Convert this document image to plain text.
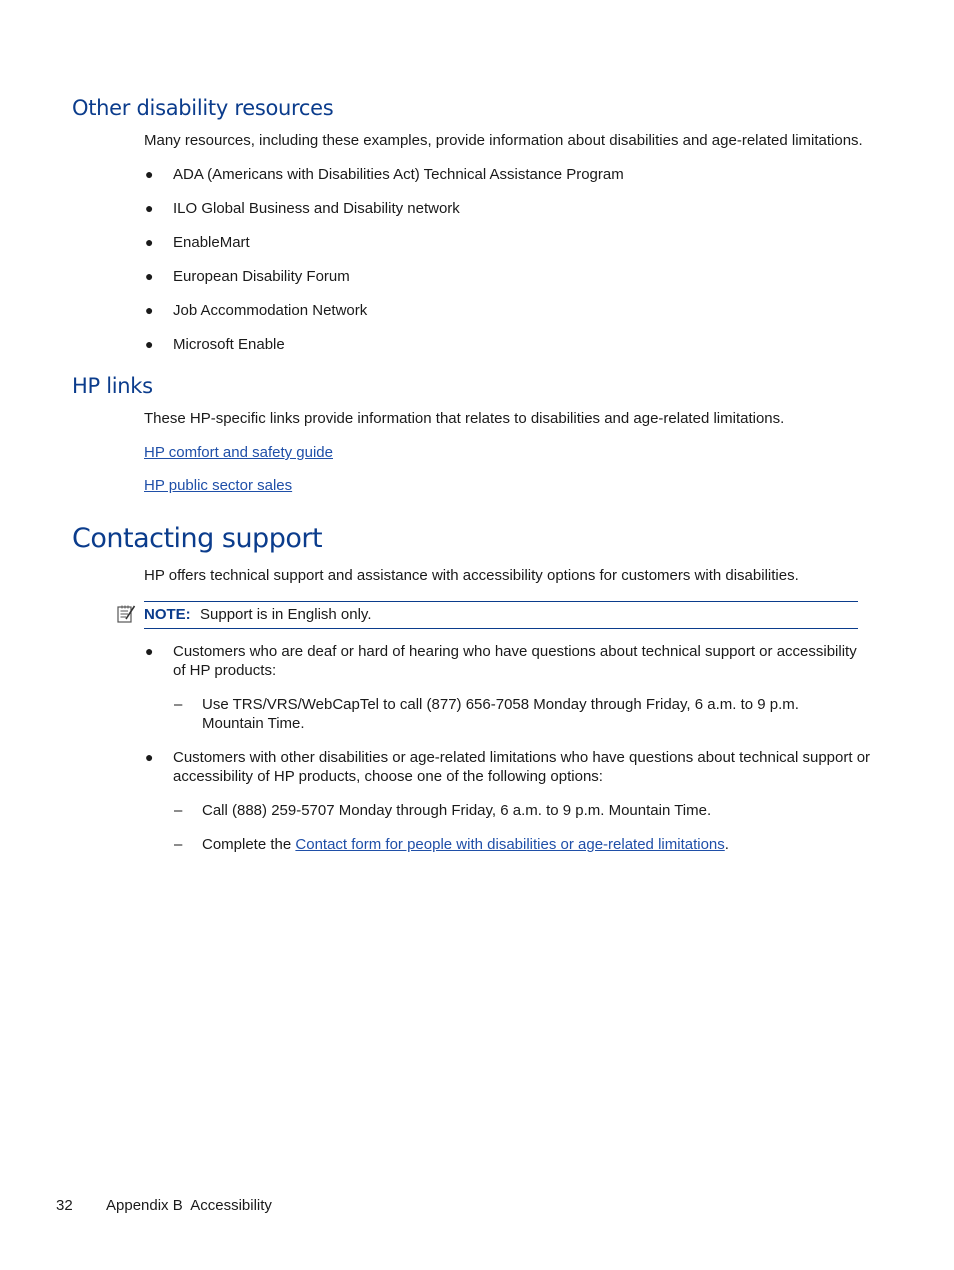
Other disability resources

Many resources, including these examples, provide information about disabilities and age-related limitations.

● ADA (Americans with Disabilities Act) Technical Assistance Program
● ILO Global Business and Disability network
● EnableMart
● European Disability Forum
● Job Accommodation Network
● Microsoft Enable
HP links

These HP-specific links provide information that relates to disabilities and age-related limitations.

HP comfort and safety guide
HP public sector sales
Contacting support

HP offers technical support and assistance with accessibility options for customers with disabilities.

NOTE: Support is in English only.
● Customers who are deaf or hard of hearing who have questions about technical support or accessibility of HP products:
– Use TRS/VRS/WebCapTel to call (877) 656-7058 Monday through Friday, 6 a.m. to 9 p.m. Mountain Time.
● Customers with other disabilities or age-related limitations who have questions about technical support or accessibility of HP products, choose one of the following options:
– Call (888) 259-5707 Monday through Friday, 6 a.m. to 9 p.m. Mountain Time.
– Complete the Contact form for people with disabilities or age-related limitations.
32 Appendix B  Accessibility
